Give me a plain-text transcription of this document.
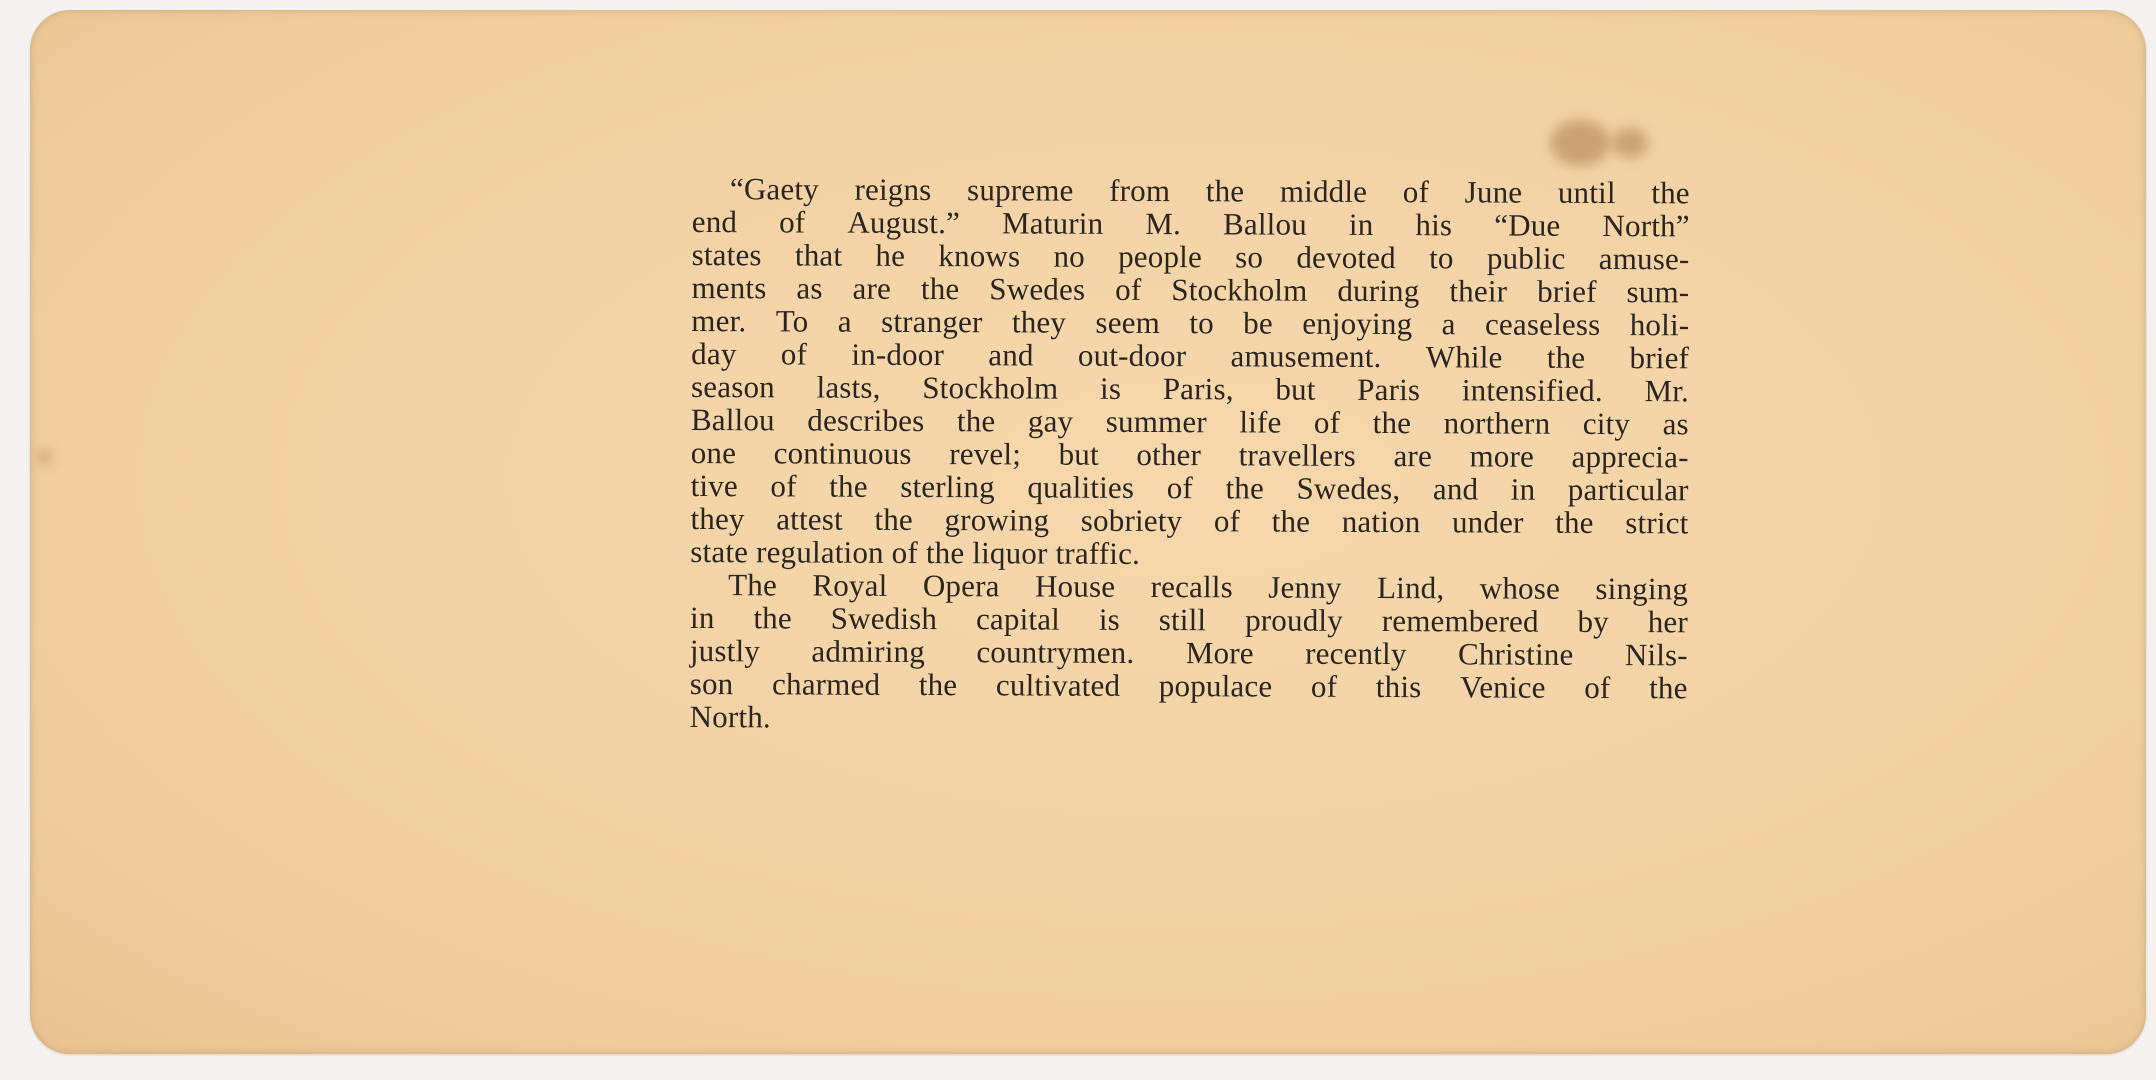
“Gaety reigns supreme from the middle of June until the
end of August.” Maturin M. Ballou in his “Due North”
states that he knows no people so devoted to public amuse-
ments as are the Swedes of Stockholm during their brief sum-
mer. To a stranger they seem to be enjoying a ceaseless holi-
day of in-door and out-door amusement. While the brief
season lasts, Stockholm is Paris, but Paris intensified. Mr.
Ballou describes the gay summer life of the northern city as
one continuous revel; but other travellers are more apprecia-
tive of the sterling qualities of the Swedes, and in particular
they attest the growing sobriety of the nation under the strict
state regulation of the liquor traffic.
The Royal Opera House recalls Jenny Lind, whose singing
in the Swedish capital is still proudly remembered by her
justly admiring countrymen. More recently Christine Nils-
son charmed the cultivated populace of this Venice of the
North.
